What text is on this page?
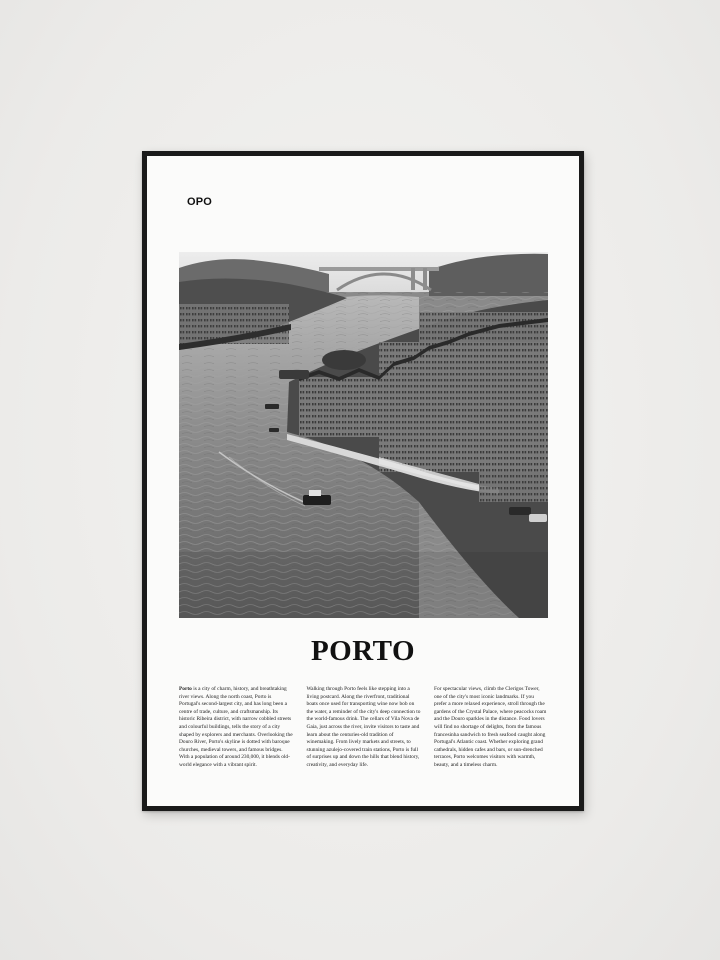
OPO
PORTO
Porto is a city of charm, history, and breathtaking river views. Along the north coast, Porto is Portugal's second-largest city, and has long been a centre of trade, culture, and craftsmanship. Its historic Ribeira district, with narrow cobbled streets and colourful buildings, tells the story of a city shaped by explorers and merchants. Overlooking the Douro River, Porto's skyline is dotted with baroque churches, medieval towers, and famous bridges. With a population of around 230,000, it blends old-world elegance with a vibrant spirit.
Walking through Porto feels like stepping into a living postcard. Along the riverfront, traditional boats once used for transporting wine now bob on the water, a reminder of the city's deep connection to the world-famous drink. The cellars of Vila Nova de Gaia, just across the river, invite visitors to taste and learn about the centuries-old tradition of winemaking. From lively markets and streets, to stunning azulejo-covered train stations, Porto is full of surprises up and down the hills that blend history, creativity, and everyday life.
For spectacular views, climb the Clerigos Tower, one of the city's most iconic landmarks. If you prefer a more relaxed experience, stroll through the gardens of the Crystal Palace, where peacocks roam and the Douro sparkles in the distance. Food lovers will find no shortage of delights, from the famous francesinha sandwich to fresh seafood caught along Portugal's Atlantic coast. Whether exploring grand cathedrals, hidden cafes and bars, or sun-drenched terraces, Porto welcomes visitors with warmth, beauty, and a timeless charm.
